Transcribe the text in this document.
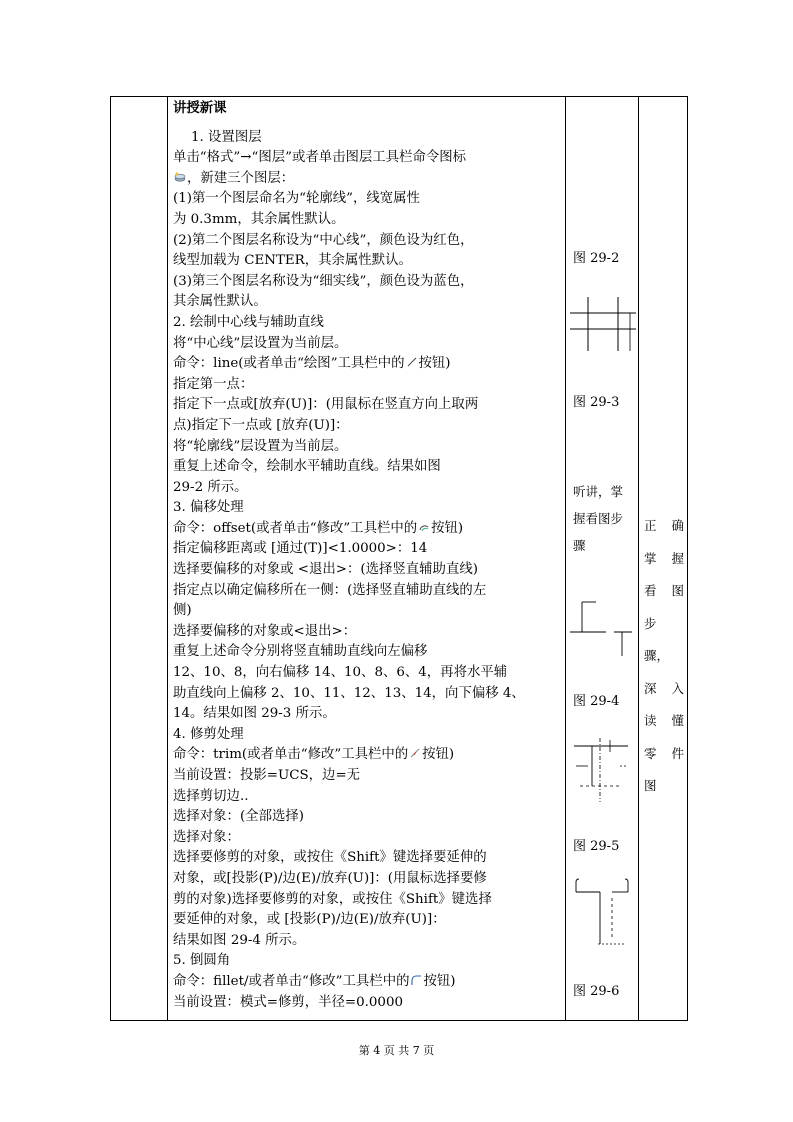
讲授新课
1. 设置图层
单击“格式”→“图层”或者单击图层工具栏命令图标
，新建三个图层：
(1)第一个图层命名为“轮廓线”，线宽属性
为 0.3mm，其余属性默认。
(2)第二个图层名称设为“中心线”，颜色设为红色，
线型加载为 CENTER，其余属性默认。
(3)第三个图层名称设为“细实线”，颜色设为蓝色，
其余属性默认。
2. 绘制中心线与辅助直线
将“中心线”层设置为当前层。
命令：line(或者单击“绘图”工具栏中的 按钮)
指定第一点：
指定下一点或[放弃(U)]：(用鼠标在竖直方向上取两
点)指定下一点或 [放弃(U)]：
将“轮廓线”层设置为当前层。
重复上述命令，绘制水平辅助直线。结果如图
29-2 所示。
3. 偏移处理
命令：offset(或者单击“修改”工具栏中的 按钮)
指定偏移距离或 [通过(T)]<1.0000>：14
选择要偏移的对象或 <退出>：(选择竖直辅助直线)
指定点以确定偏移所在一侧：(选择竖直辅助直线的左
侧)
选择要偏移的对象或<退出>：
重复上述命令分别将竖直辅助直线向左偏移
12、10、8，向右偏移 14、10、8、6、4，再将水平辅
助直线向上偏移 2、10、11、12、13、14，向下偏移 4、
14。结果如图 29-3 所示。
4. 修剪处理
命令：trim(或者单击“修改”工具栏中的 按钮)
当前设置：投影=UCS，边=无
选择剪切边..
选择对象：(全部选择)
选择对象：
选择要修剪的对象，或按住《Shift》键选择要延伸的
对象，或[投影(P)/边(E)/放弃(U)]：(用鼠标选择要修
剪的对象)选择要修剪的对象，或按住《Shift》键选择
要延伸的对象，或 [投影(P)/边(E)/放弃(U)]：
结果如图 29-4 所示。
5. 倒圆角
命令：fillet/或者单击“修改”工具栏中的 按钮)
当前设置：模式=修剪，半径=0.0000
图 29-2
图 29-3
听讲，掌
握看图步
骤
图 29-4
图 29-5
图 29-6
正 确
掌 握
看 图
步
骤，
深 入
读 懂
零 件
图
第 4 页 共 7 页
